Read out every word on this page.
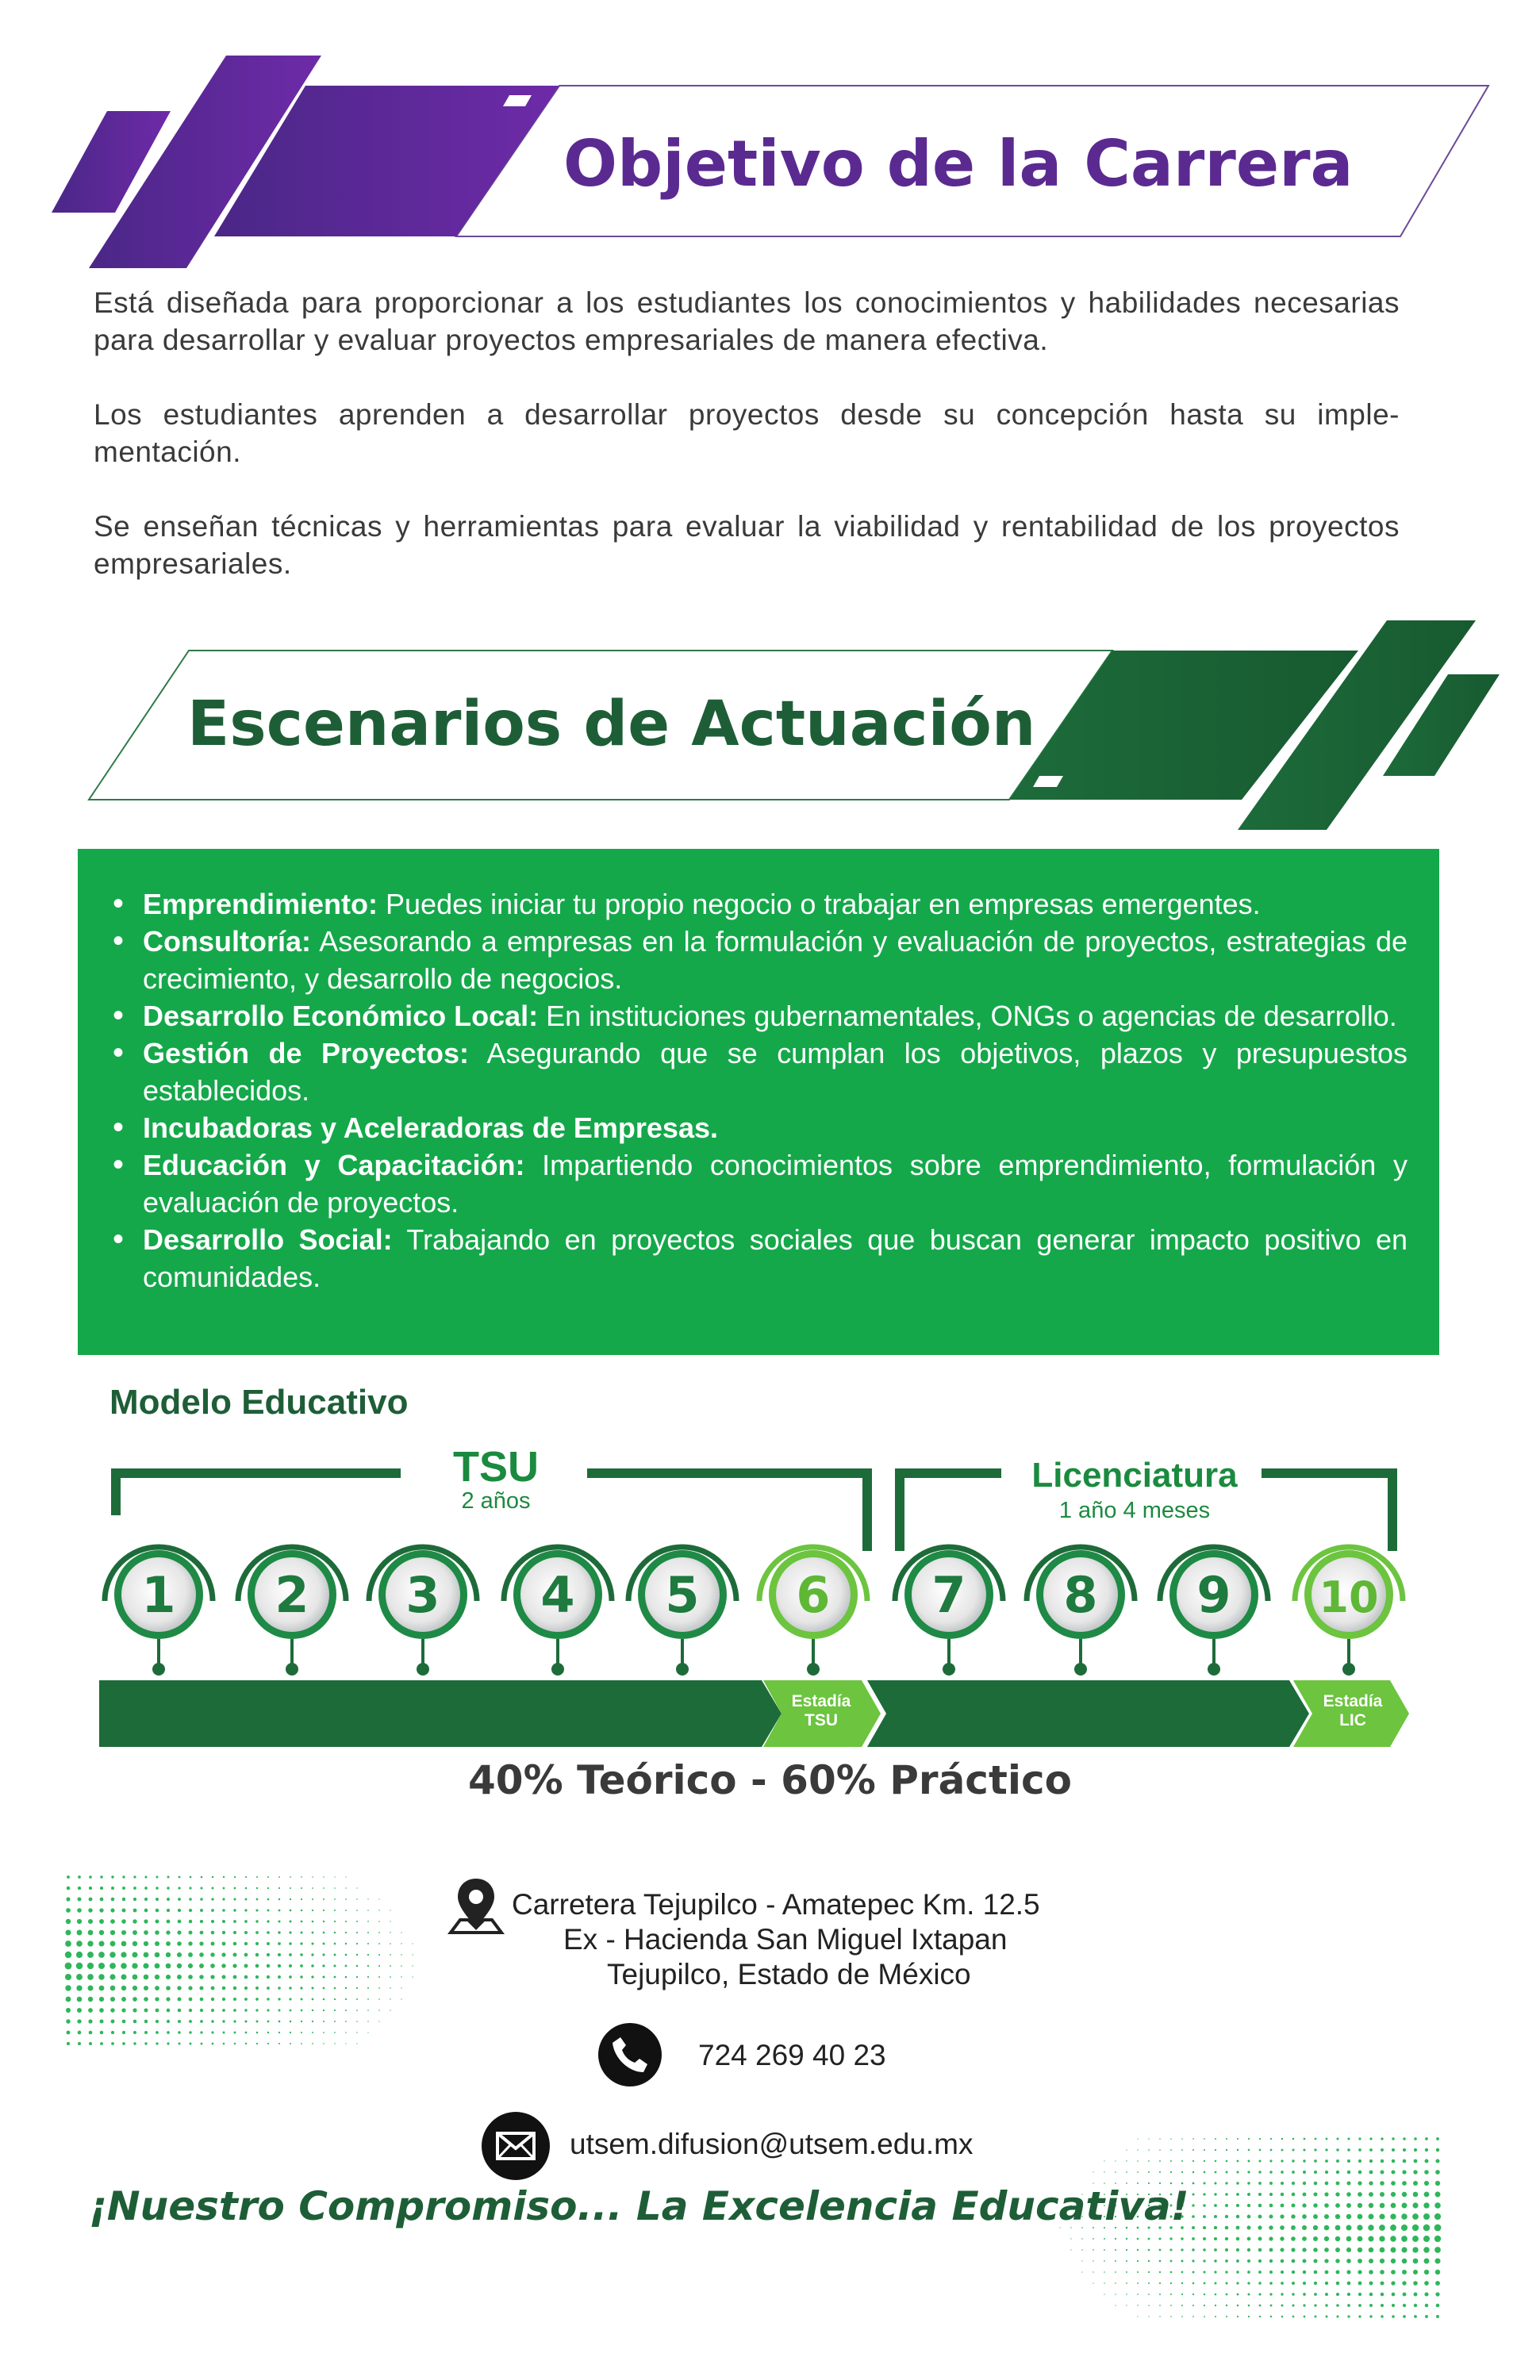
Objetivo de la Carrera

Está diseñada para proporcionar a los estudiantes los conocimientos y habilidades necesarias para desarrollar y evaluar proyectos empresariales de manera efectiva.

Los estudiantes aprenden a desarrollar proyectos desde su concepción hasta su imple- mentación.

Se enseñan técnicas y herramientas para evaluar la viabilidad y rentabilidad de los proyectos empresariales.

Escenarios de Actuación
• Emprendimiento: Puedes iniciar tu propio negocio o trabajar en empresas emergentes.
• Consultoría: Asesorando a empresas en la formulación y evaluación de proyectos, estrategias de crecimiento, y desarrollo de negocios.
• Desarrollo Económico Local: En instituciones gubernamentales, ONGs o agencias de desarrollo.
• Gestión de Proyectos: Asegurando que se cumplan los objetivos, plazos y presupuestos establecidos.
• Incubadoras y Aceleradoras de Empresas.
• Educación y Capacitación: Impartiendo conocimientos sobre emprendimiento, formulación y evaluación de proyectos.
• Desarrollo Social: Trabajando en proyectos sociales que buscan generar impacto positivo en comunidades.
Modelo Educativo
1 2 3 4 5 6 7 8 9 10
TSU
2 años
Licenciatura
1 año 4 meses
Estadía
TSU
Estadía
LIC
40% Teórico - 60% Práctico
Carretera Tejupilco - Amatepec Km. 12.5
Ex - Hacienda San Miguel Ixtapan
Tejupilco, Estado de México
724 269 40 23
utsem.difusion@utsem.edu.mx
¡Nuestro Compromiso... La Excelencia Educativa!
